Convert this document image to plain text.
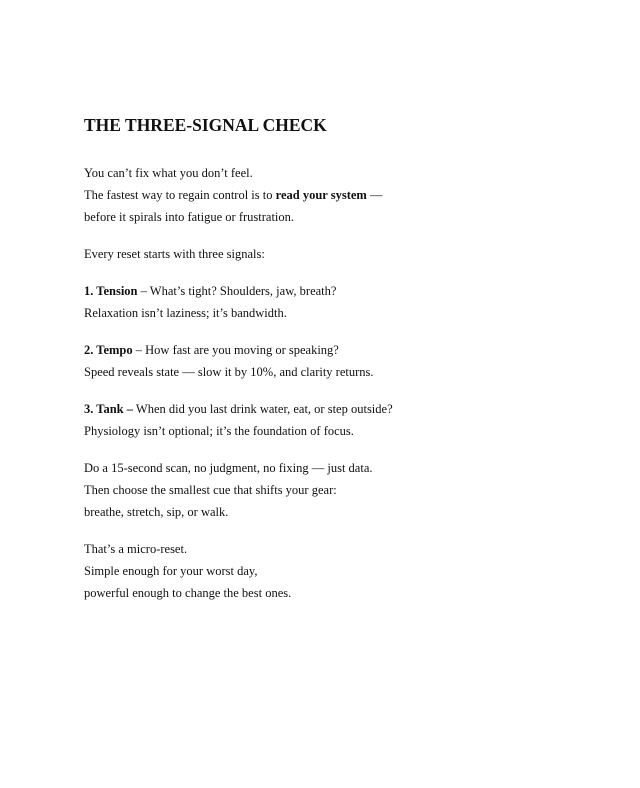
THE THREE-SIGNAL CHECK

You can’t fix what you don’t feel.
The fastest way to regain control is to read your system —
before it spirals into fatigue or frustration.

Every reset starts with three signals:

1. Tension – What’s tight? Shoulders, jaw, breath?
Relaxation isn’t laziness; it’s bandwidth.

2. Tempo – How fast are you moving or speaking?
Speed reveals state — slow it by 10%, and clarity returns.

3. Tank – When did you last drink water, eat, or step outside?
Physiology isn’t optional; it’s the foundation of focus.

Do a 15-second scan, no judgment, no fixing — just data.
Then choose the smallest cue that shifts your gear:
breathe, stretch, sip, or walk.

That’s a micro-reset.
Simple enough for your worst day,
powerful enough to change the best ones.
